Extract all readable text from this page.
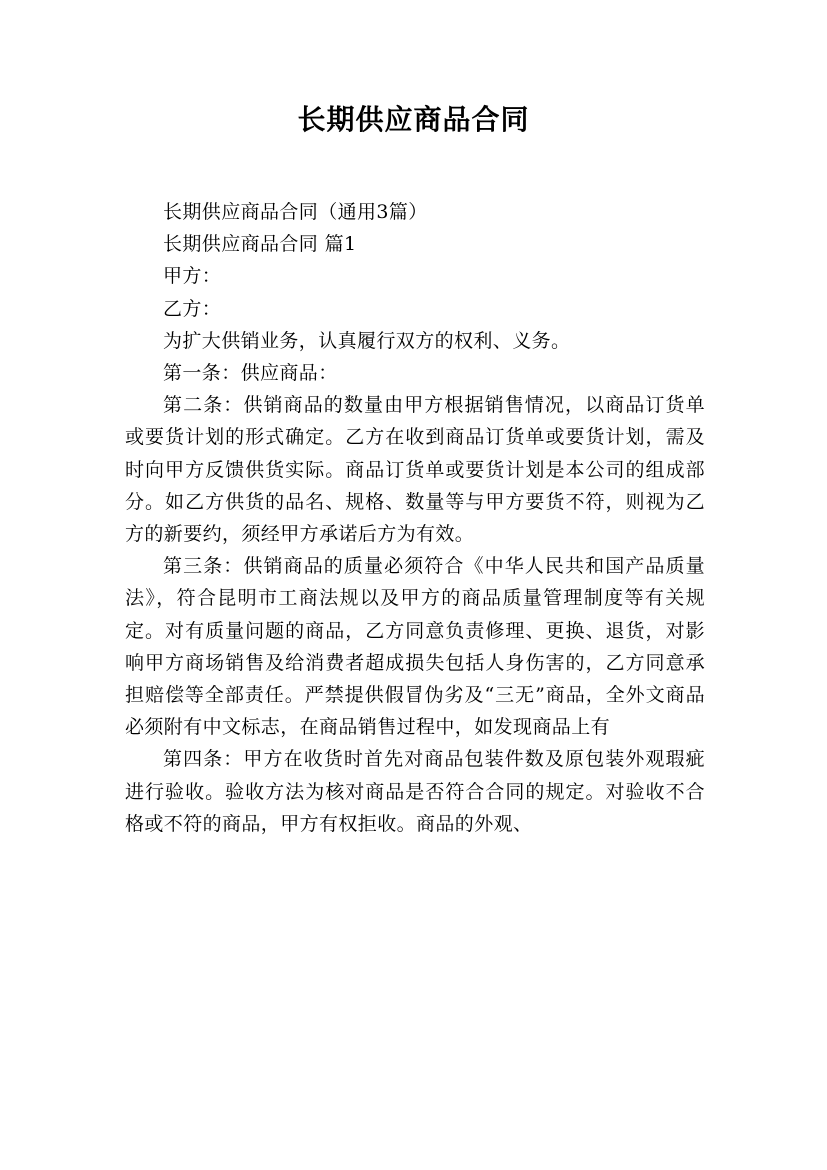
长期供应商品合同

长期供应商品合同（通用3篇）

长期供应商品合同 篇1

甲方：

乙方：

为扩大供销业务，认真履行双方的权利、义务。

第一条：供应商品：

第二条：供销商品的数量由甲方根据销售情况，以商品订货单或要货计划的形式确定。乙方在收到商品订货单或要货计划，需及时向甲方反馈供货实际。商品订货单或要货计划是本公司的组成部分。如乙方供货的品名、规格、数量等与甲方要货不符，则视为乙方的新要约，须经甲方承诺后方为有效。

第三条：供销商品的质量必须符合《中华人民共和国产品质量法》，符合昆明市工商法规以及甲方的商品质量管理制度等有关规定。对有质量问题的商品，乙方同意负责修理、更换、退货，对影响甲方商场销售及给消费者超成损失包括人身伤害的，乙方同意承担赔偿等全部责任。严禁提供假冒伪劣及“三无”商品，全外文商品必须附有中文标志，在商品销售过程中，如发现商品上有

第四条：甲方在收货时首先对商品包装件数及原包装外观瑕疵进行验收。验收方法为核对商品是否符合合同的规定。对验收不合格或不符的商品，甲方有权拒收。商品的外观、
